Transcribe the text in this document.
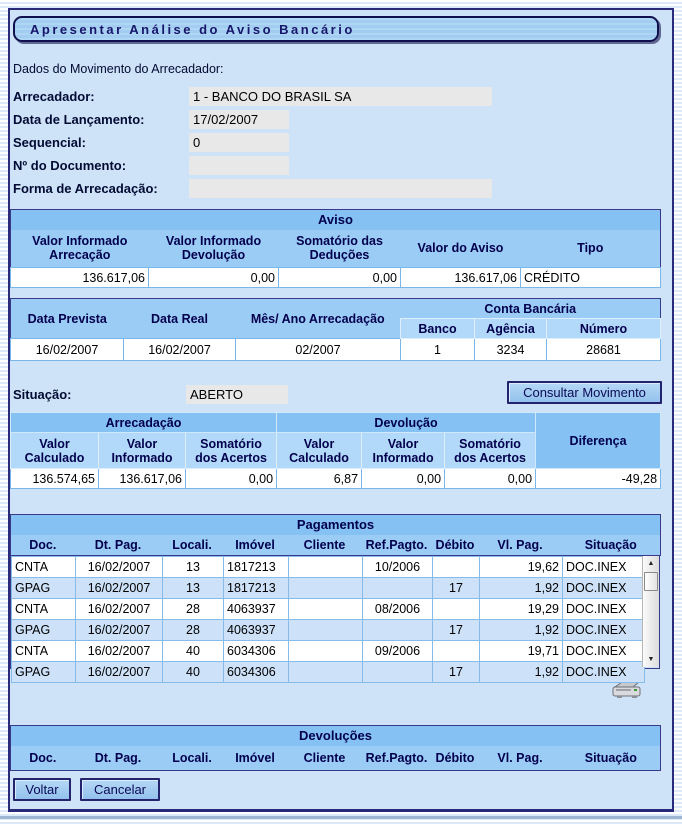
Apresentar Análise do Aviso Bancário
Dados do Movimento do Arrecadador:
Arrecadador:	1 - BANCO DO BRASIL SA
Data de Lançamento:	17/02/2007
Sequencial:	0
Nº do Documento:
Forma de Arrecadação:
Aviso				
Valor Informado Arrecação	Valor Informado Devolução	Somatório das Deduções	Valor do Aviso	Tipo
136.617,06	0,00	0,00	136.617,06	CRÉDITO
Data Prevista	Data Real	Mês/ Ano Arrecadação	Conta Bancária		
			Banco	Agência	Número
16/02/2007	16/02/2007	02/2007	1	3234	28681
Situação:	ABERTO	Consultar Movimento
Arrecadação			Devolução			Diferença
Valor Calculado	Valor Informado	Somatório dos Acertos	Valor Calculado	Valor Informado	Somatório dos Acertos	
136.574,65	136.617,06	0,00	6,87	0,00	0,00	-49,28
Pagamentos
Doc.	Dt. Pag.	Locali.	Imóvel	Cliente	Ref.Pagto.	Débito	Vl. Pag.	Situação
CNTA	16/02/2007	13	1817213		10/2006		19,62	DOC.INEX
GPAG	16/02/2007	13	1817213			17	1,92	DOC.INEX
CNTA	16/02/2007	28	4063937		08/2006		19,29	DOC.INEX
GPAG	16/02/2007	28	4063937			17	1,92	DOC.INEX
CNTA	16/02/2007	40	6034306		09/2006		19,71	DOC.INEX
GPAG	16/02/2007	40	6034306			17	1,92	DOC.INEX
▲
▼
Devoluções
Doc.	Dt. Pag.	Locali.	Imóvel	Cliente	Ref.Pagto.	Débito	Vl. Pag.	Situação
Voltar	Cancelar
